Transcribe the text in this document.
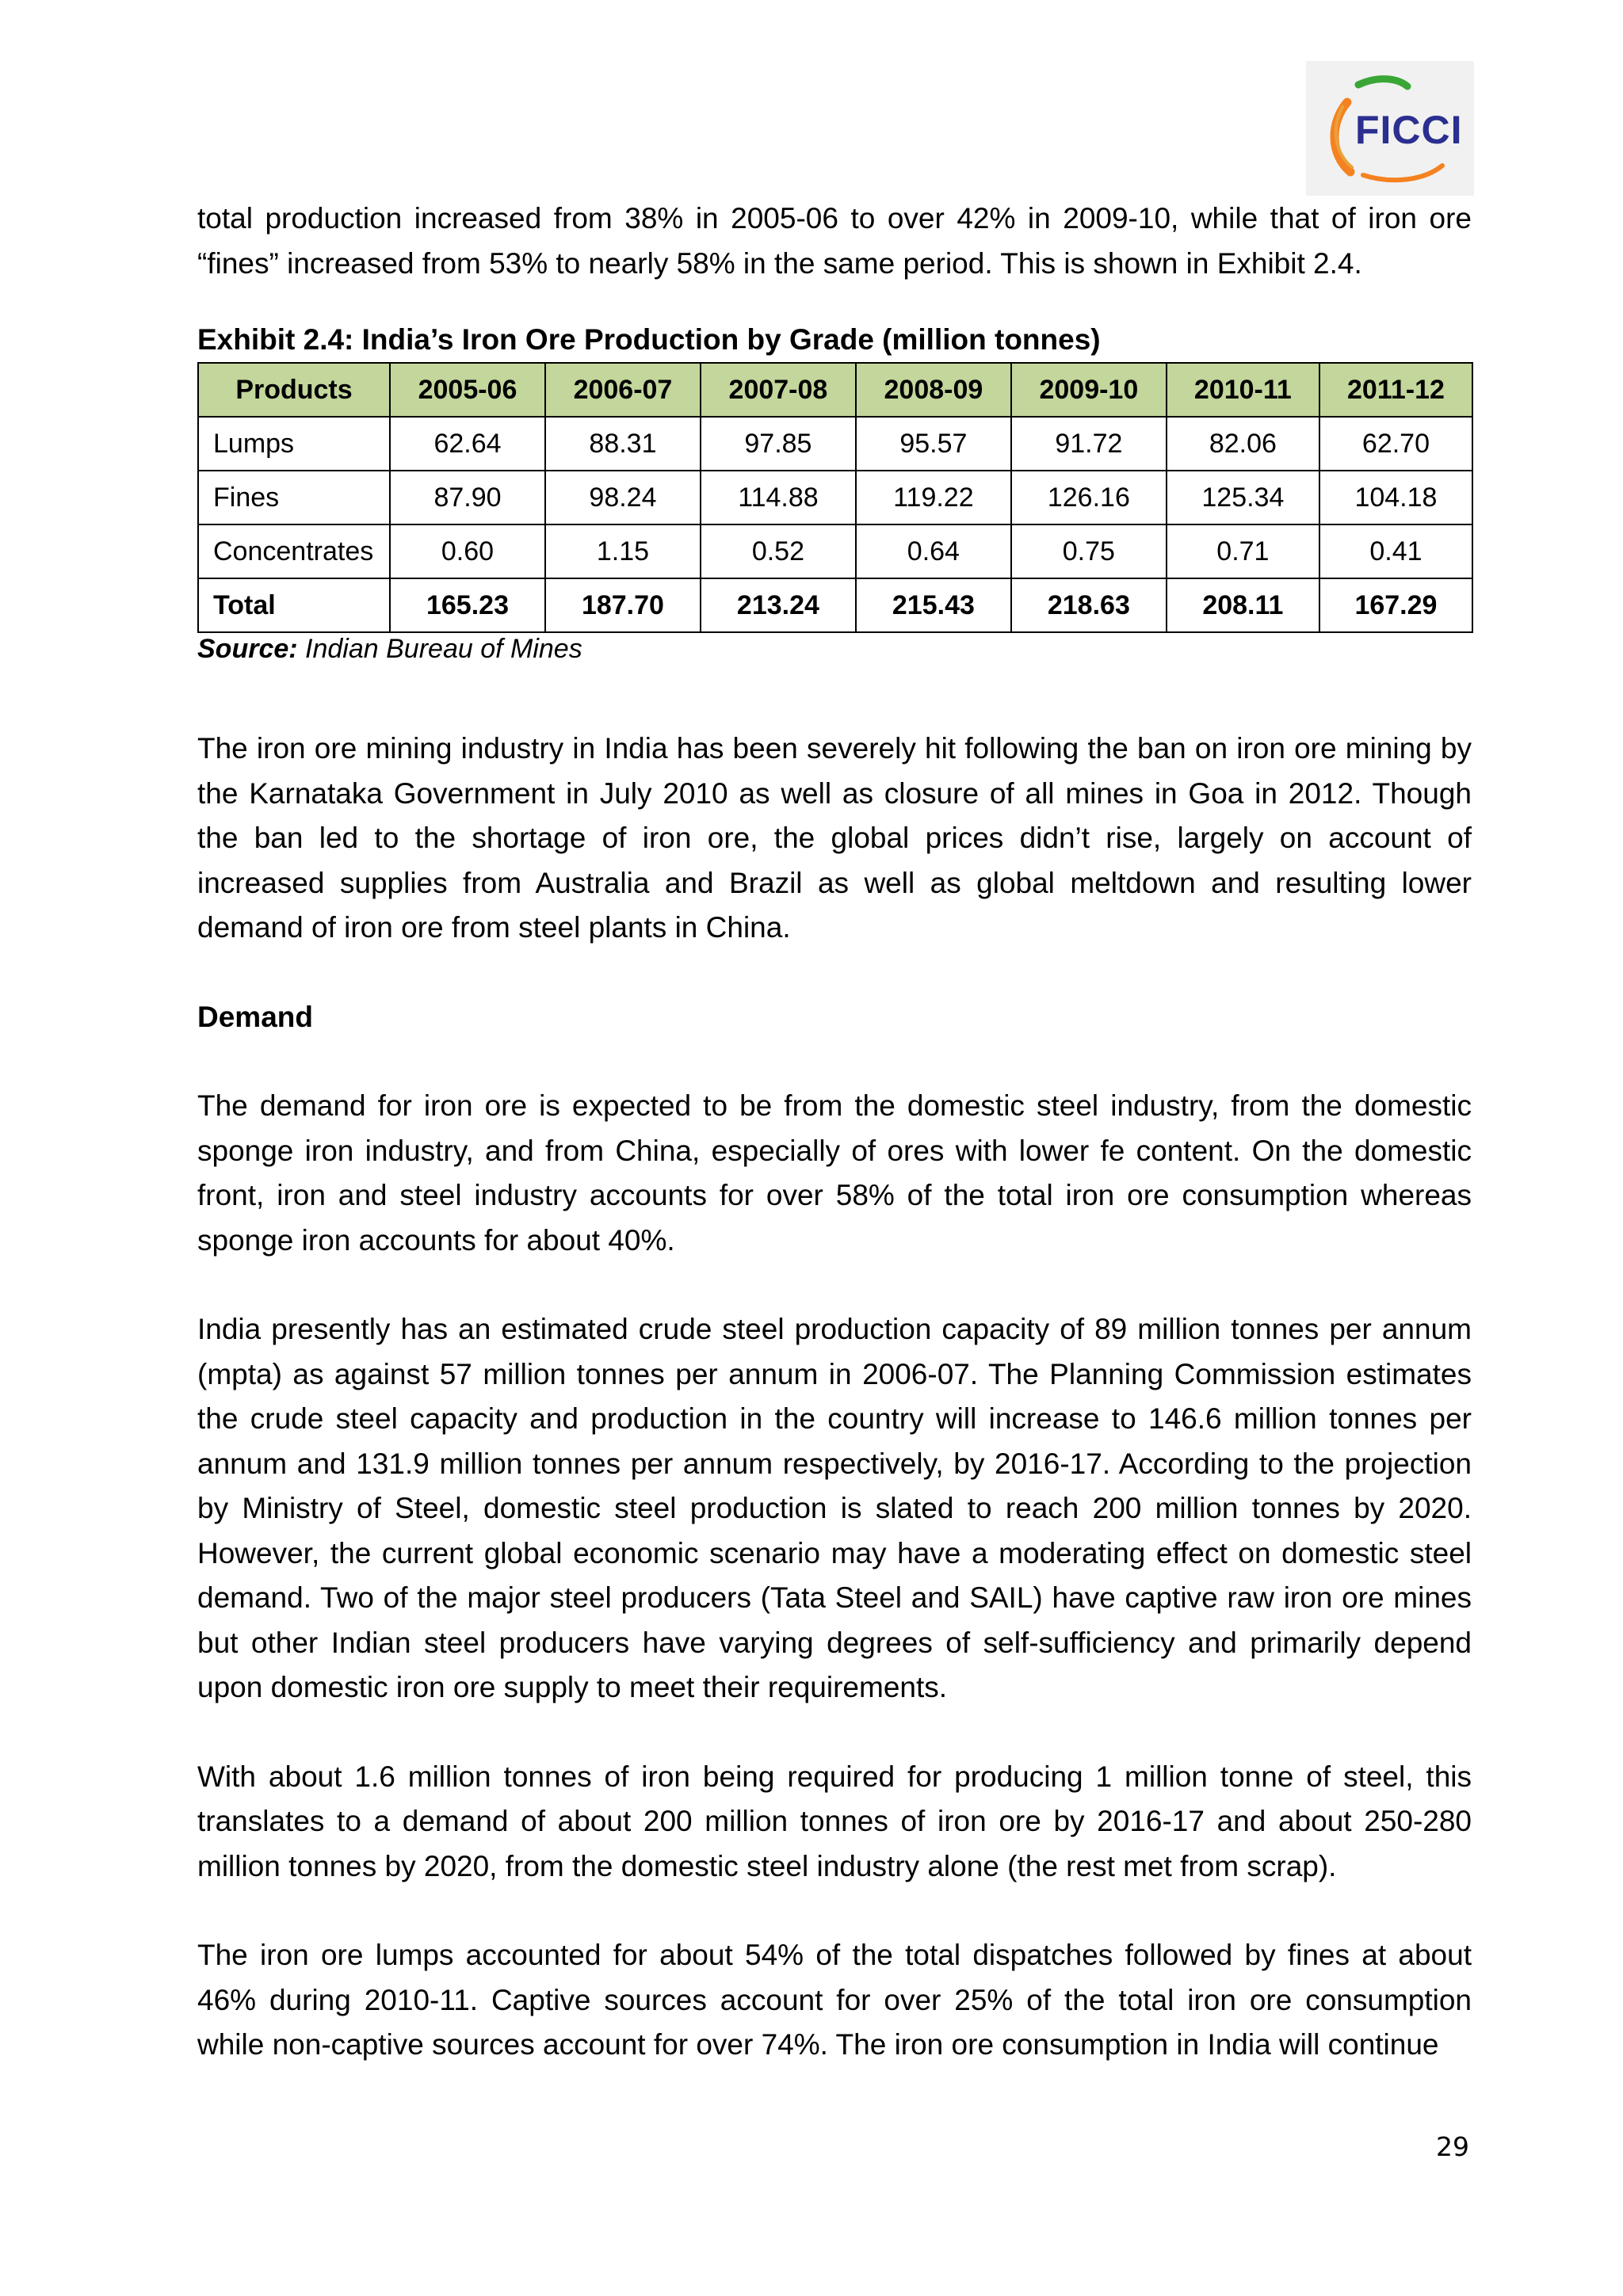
FICCI

total production increased from 38% in 2005-06 to over 42% in 2009-10, while that of iron ore “fines” increased from 53% to nearly 58% in the same period. This is shown in Exhibit 2.4.

Exhibit 2.4: India’s Iron Ore Production by Grade (million tonnes)
Products	2005-06	2006-07	2007-08	2008-09	2009-10	2010-11	2011-12
Lumps	62.64	88.31	97.85	95.57	91.72	82.06	62.70
Fines	87.90	98.24	114.88	119.22	126.16	125.34	104.18
Concentrates	0.60	1.15	0.52	0.64	0.75	0.71	0.41
Total	165.23	187.70	213.24	215.43	218.63	208.11	167.29
Source: Indian Bureau of Mines

The iron ore mining industry in India has been severely hit following the ban on iron ore mining by the Karnataka Government in July 2010 as well as closure of all mines in Goa in 2012. Though the ban led to the shortage of iron ore, the global prices didn’t rise, largely on account of increased supplies from Australia and Brazil as well as global meltdown and resulting lower demand of iron ore from steel plants in China.

Demand

The demand for iron ore is expected to be from the domestic steel industry, from the domestic sponge iron industry, and from China, especially of ores with lower fe content. On the domestic front, iron and steel industry accounts for over 58% of the total iron ore consumption whereas sponge iron accounts for about 40%.

India presently has an estimated crude steel production capacity of 89 million tonnes per annum (mpta) as against 57 million tonnes per annum in 2006-07. The Planning Commission estimates the crude steel capacity and production in the country will increase to 146.6 million tonnes per annum and 131.9 million tonnes per annum respectively, by 2016-17. According to the projection by Ministry of Steel, domestic steel production is slated to reach 200 million tonnes by 2020. However, the current global economic scenario may have a moderating effect on domestic steel demand. Two of the major steel producers (Tata Steel and SAIL) have captive raw iron ore mines but other Indian steel producers have varying degrees of self-sufficiency and primarily depend upon domestic iron ore supply to meet their requirements.

With about 1.6 million tonnes of iron being required for producing 1 million tonne of steel, this translates to a demand of about 200 million tonnes of iron ore by 2016-17 and about 250-280 million tonnes by 2020, from the domestic steel industry alone (the rest met from scrap).

The iron ore lumps accounted for about 54% of the total dispatches followed by fines at about 46% during 2010-11. Captive sources account for over 25% of the total iron ore consumption while non-captive sources account for over 74%. The iron ore consumption in India will continue

29
